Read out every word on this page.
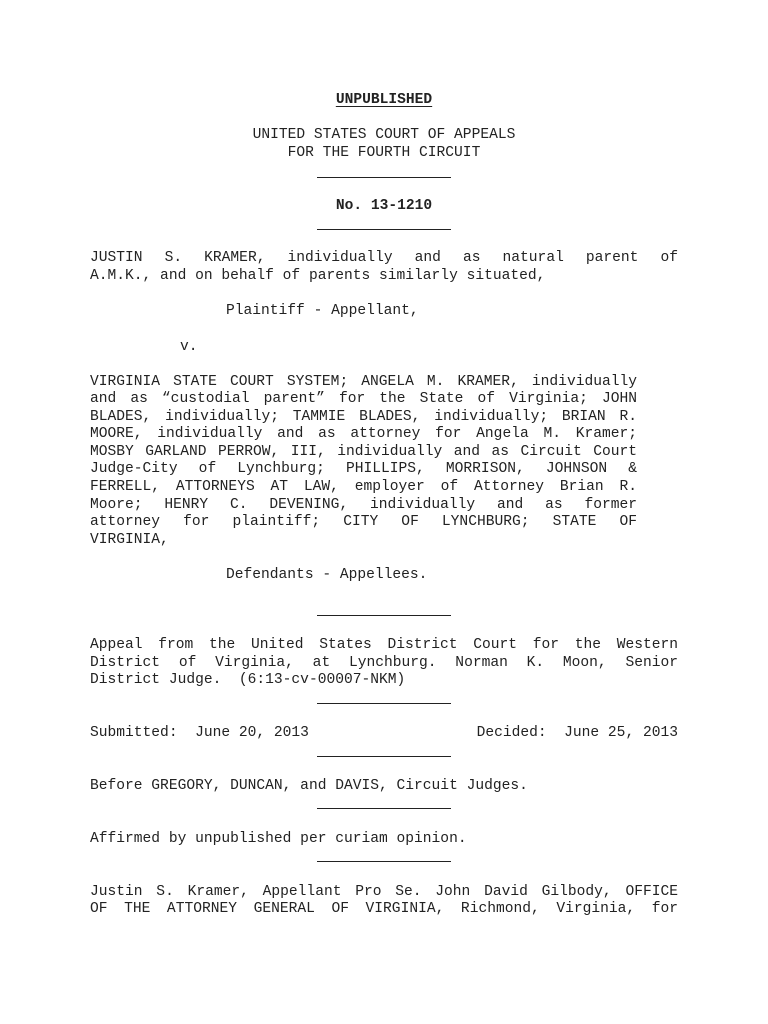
UNPUBLISHED
UNITED STATES COURT OF APPEALS
FOR THE FOURTH CIRCUIT
No. 13-1210
JUSTIN S. KRAMER, individually and as natural parent of
A.M.K., and on behalf of parents similarly situated,
Plaintiff - Appellant,
v.
VIRGINIA STATE COURT SYSTEM; ANGELA M. KRAMER, individually
and as “custodial parent” for the State of Virginia; JOHN
BLADES, individually; TAMMIE BLADES, individually; BRIAN R.
MOORE, individually and as attorney for Angela M. Kramer;
MOSBY GARLAND PERROW, III, individually and as Circuit Court
Judge-City of Lynchburg; PHILLIPS, MORRISON, JOHNSON &
FERRELL, ATTORNEYS AT LAW, employer of Attorney Brian R.
Moore; HENRY C. DEVENING, individually and as former
attorney for plaintiff; CITY OF LYNCHBURG; STATE OF
VIRGINIA,
Defendants - Appellees.
Appeal from the United States District Court for the Western
District of Virginia, at Lynchburg. Norman K. Moon, Senior
District Judge.  (6:13-cv-00007-NKM)
Submitted:  June 20, 2013	Decided:  June 25, 2013
Before GREGORY, DUNCAN, and DAVIS, Circuit Judges.
Affirmed by unpublished per curiam opinion.
Justin S. Kramer, Appellant Pro Se. John David Gilbody, OFFICE
OF THE ATTORNEY GENERAL OF VIRGINIA, Richmond, Virginia, for
